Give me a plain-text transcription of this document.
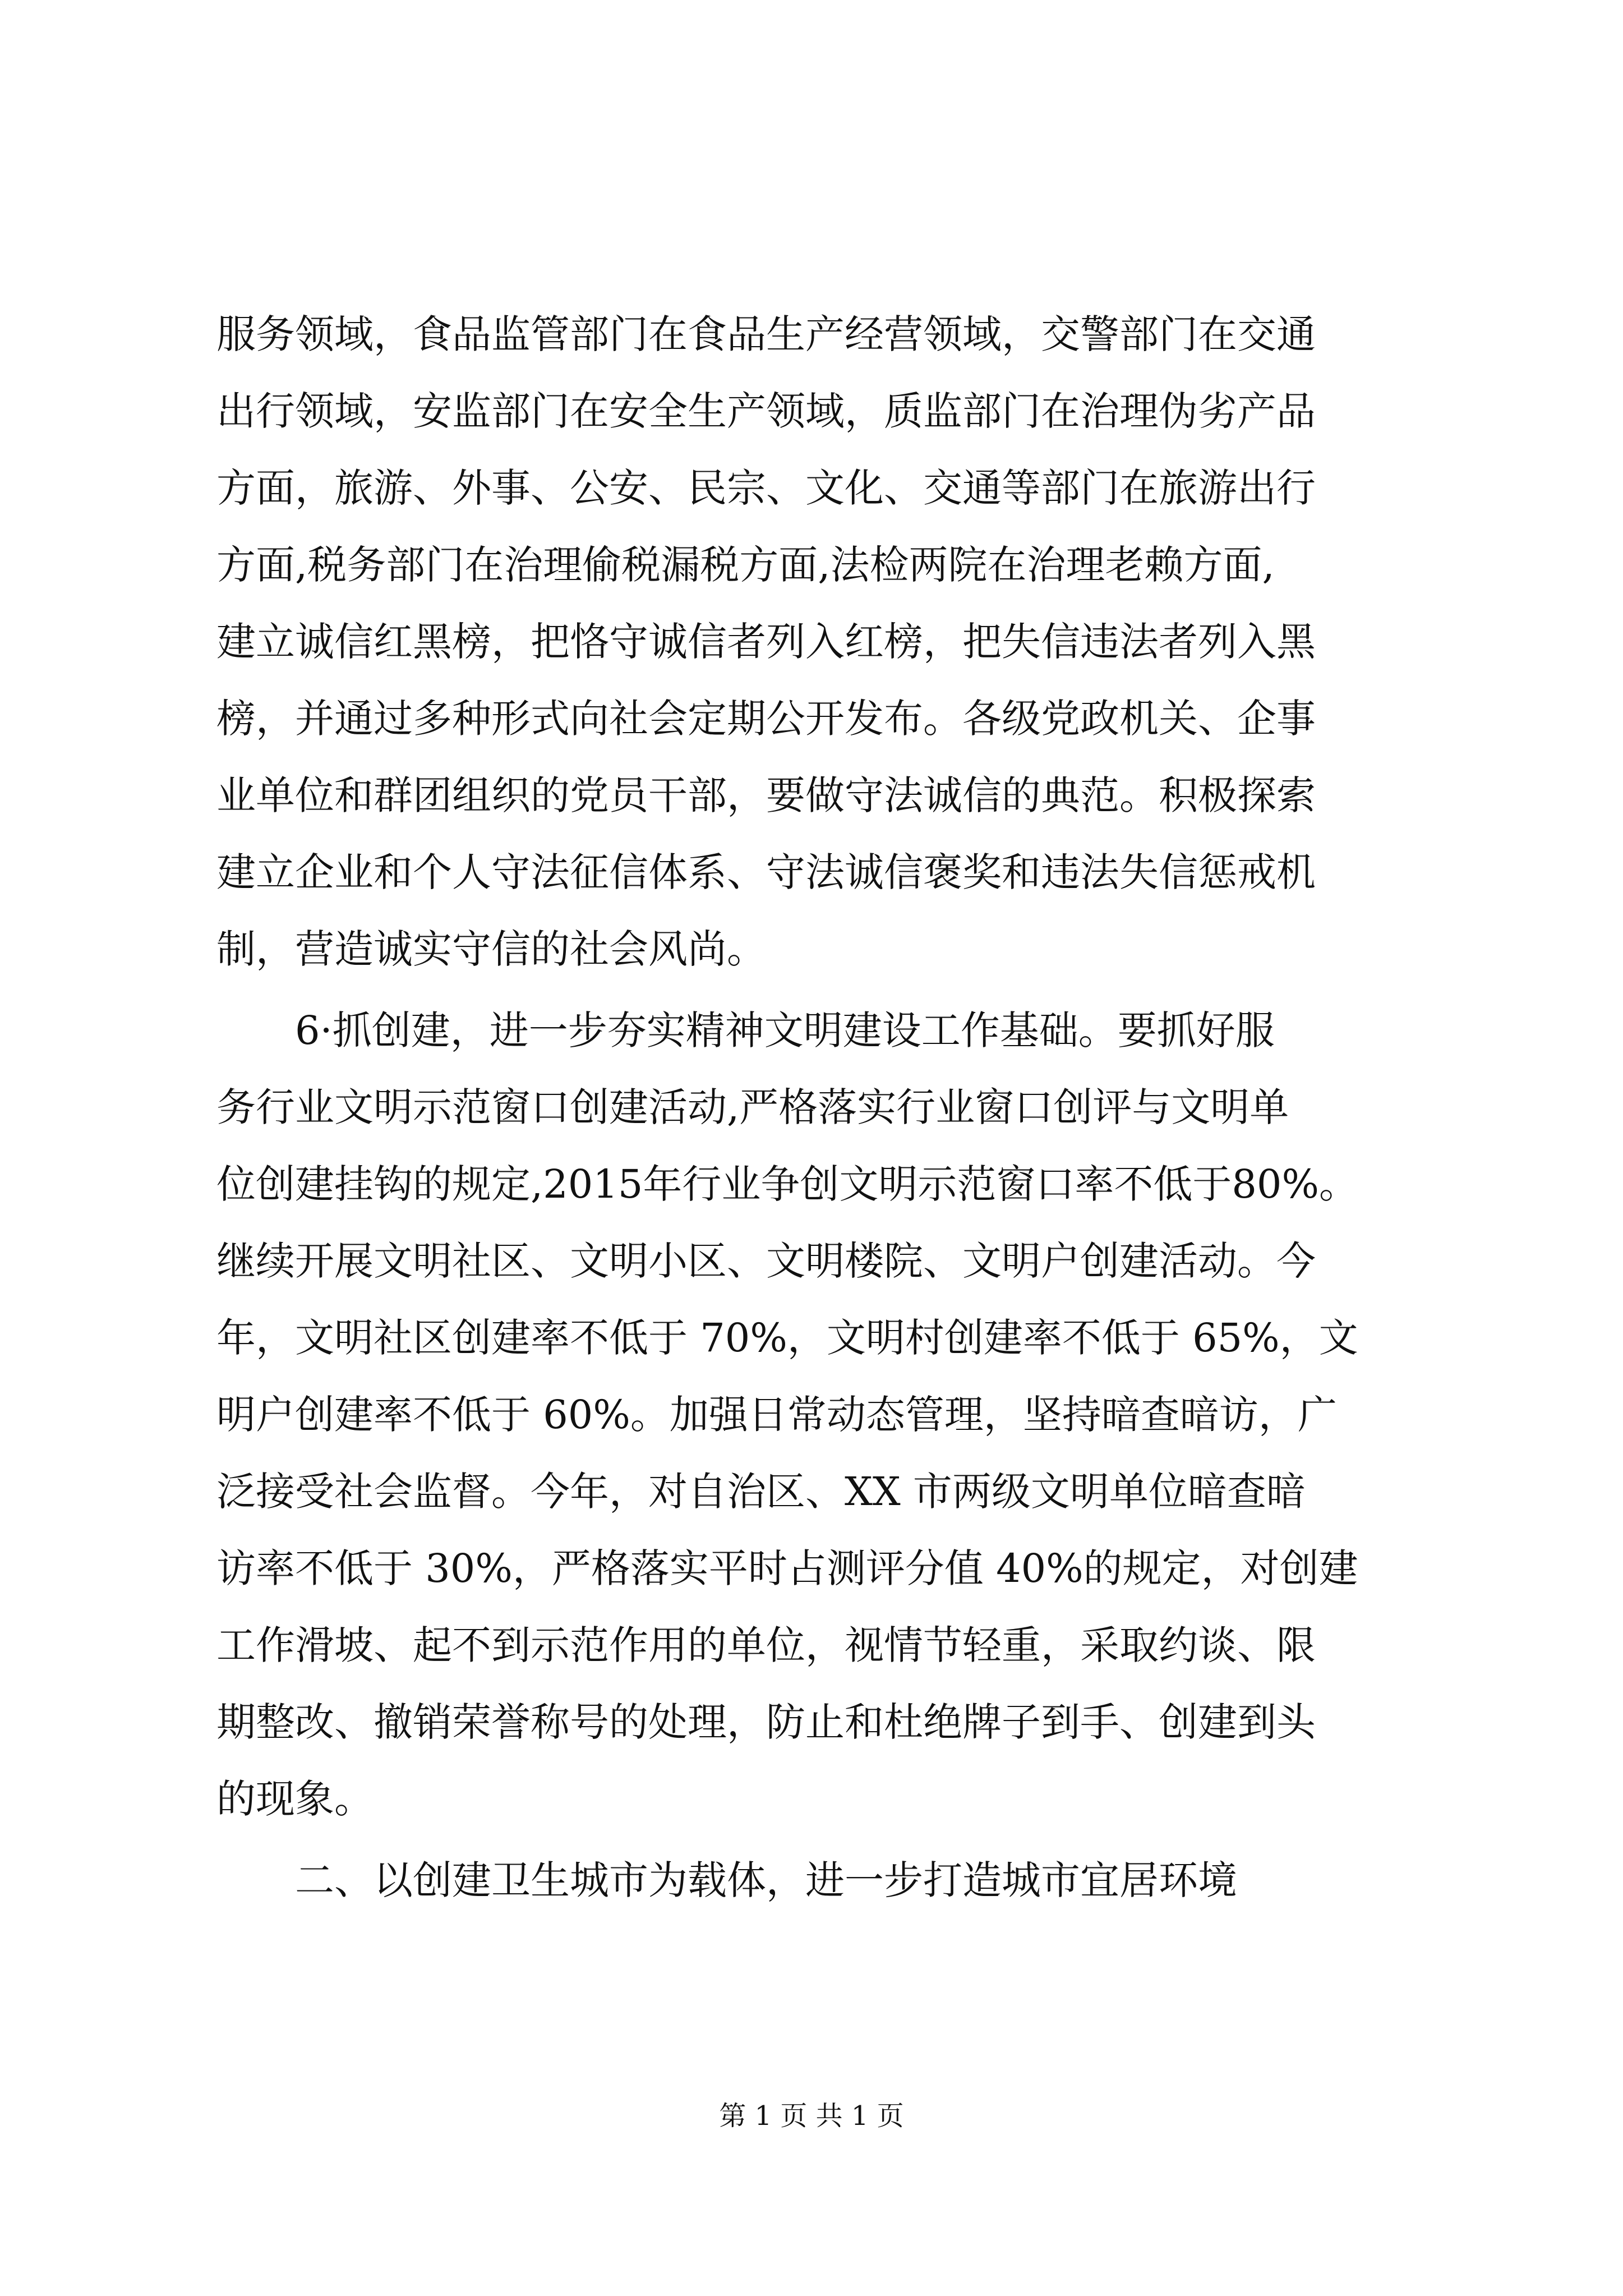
服务领域，食品监管部门在食品生产经营领域，交警部门在交通
出行领域，安监部门在安全生产领域，质监部门在治理伪劣产品
方面，旅游、外事、公安、民宗、文化、交通等部门在旅游出行
方面,税务部门在治理偷税漏税方面,法检两院在治理老赖方面,
建立诚信红黑榜，把恪守诚信者列入红榜，把失信违法者列入黑
榜，并通过多种形式向社会定期公开发布。各级党政机关、企事
业单位和群团组织的党员干部，要做守法诚信的典范。积极探索
建立企业和个人守法征信体系、守法诚信褒奖和违法失信惩戒机
制，营造诚实守信的社会风尚。
6·抓创建，进一步夯实精神文明建设工作基础。要抓好服
务行业文明示范窗口创建活动,严格落实行业窗口创评与文明单
位创建挂钩的规定,2015年行业争创文明示范窗口率不低于80%。
继续开展文明社区、文明小区、文明楼院、文明户创建活动。今
年，文明社区创建率不低于 70%，文明村创建率不低于 65%，文
明户创建率不低于 60%。加强日常动态管理，坚持暗查暗访，广
泛接受社会监督。今年，对自治区、XX 市两级文明单位暗查暗
访率不低于 30%，严格落实平时占测评分值 40%的规定，对创建
工作滑坡、起不到示范作用的单位，视情节轻重，采取约谈、限
期整改、撤销荣誉称号的处理，防止和杜绝牌子到手、创建到头
的现象。
二、以创建卫生城市为载体，进一步打造城市宜居环境
第 1 页 共 1 页
